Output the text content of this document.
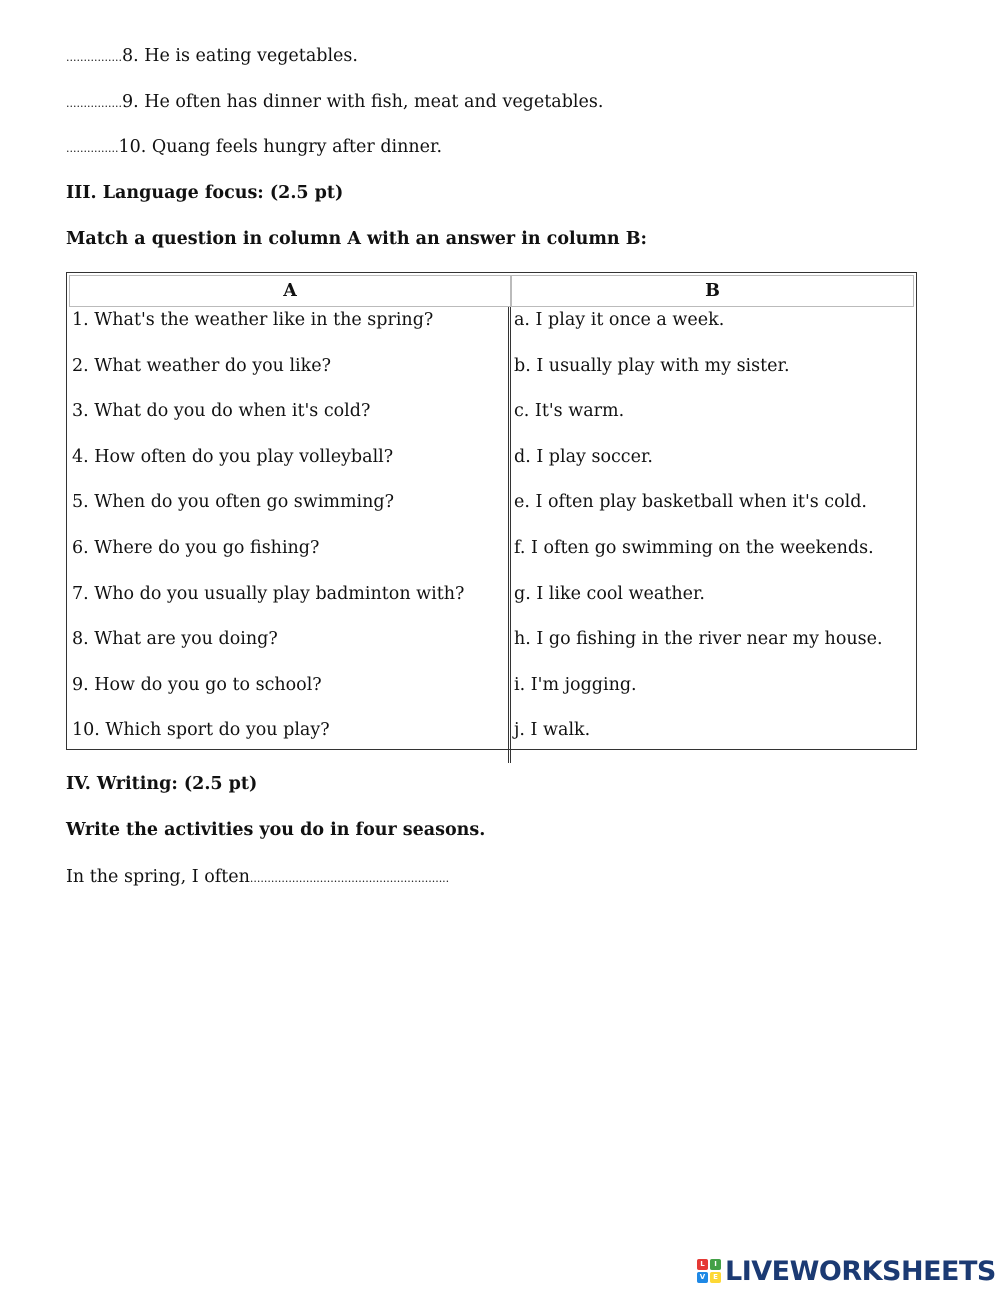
................8. He is eating vegetables.

................9. He often has dinner with fish, meat and vegetables.

...............10. Quang feels hungry after dinner.

III. Language focus: (2.5 pt)

Match a question in column A with an answer in column B:

A	B
1. What's the weather like in the spring?	a. I play it once a week.
2. What weather do you like?	b. I usually play with my sister.
3. What do you do when it's cold?	c. It's warm.
4. How often do you play volleyball?	d. I play soccer.
5. When do you often go swimming?	e. I often play basketball when it's cold.
6. Where do you go fishing?	f. I often go swimming on the weekends.
7. Who do you usually play badminton with?	g. I like cool weather.
8. What are you doing?	h. I go fishing in the river near my house.
9. How do you go to school?	i. I'm jogging.
10. Which sport do you play?	j. I walk.

IV. Writing: (2.5 pt)

Write the activities you do in four seasons.

In the spring, I often.........................................................

L	I
V	E LIVEWORKSHEETS
